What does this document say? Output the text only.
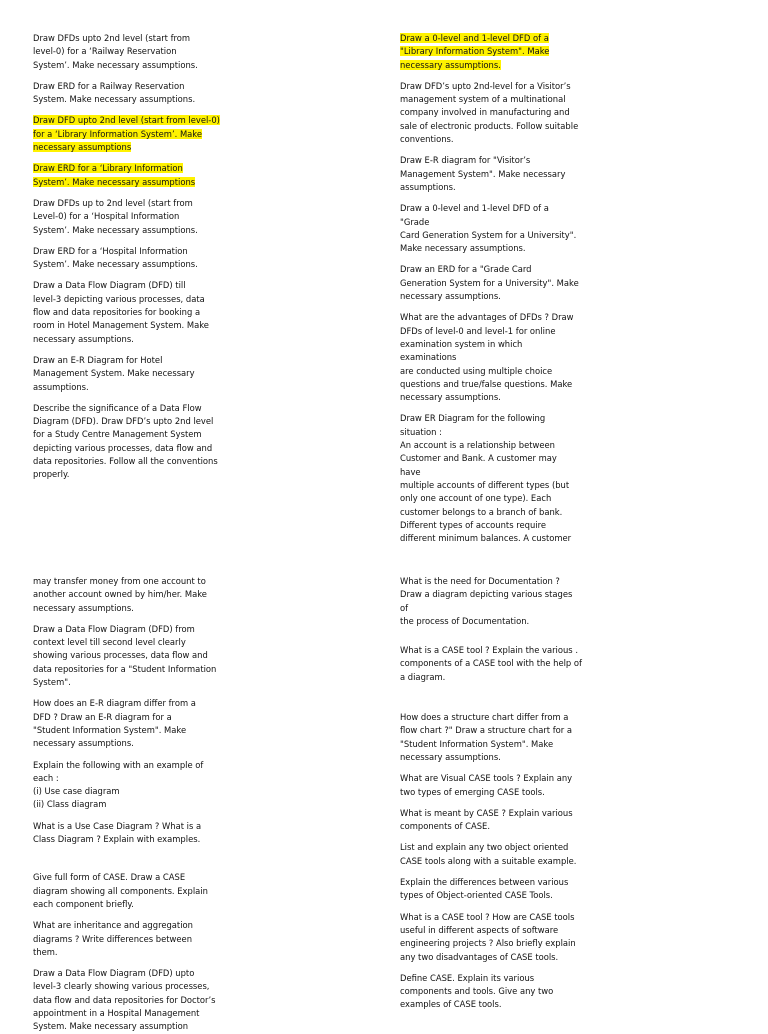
Draw DFDs upto 2nd level (start from
level-0) for a ‘Railway Reservation
System’. Make necessary assumptions.

Draw ERD for a Railway Reservation
System. Make necessary assumptions.

Draw DFD upto 2nd level (start from level-0)
for a ‘Library Information System’. Make
necessary assumptions

Draw ERD for a ‘Library Information
System’. Make necessary assumptions

Draw DFDs up to 2nd level (start from
Level-0) for a ‘Hospital Information
System’. Make necessary assumptions.

Draw ERD for a ‘Hospital Information
System’. Make necessary assumptions.

Draw a Data Flow Diagram (DFD) till
level-3 depicting various processes, data
flow and data repositories for booking a
room in Hotel Management System. Make
necessary assumptions.

Draw an E-R Diagram for Hotel
Management System. Make necessary
assumptions.

Describe the significance of a Data Flow
Diagram (DFD). Draw DFD’s upto 2nd level
for a Study Centre Management System
depicting various processes, data flow and
data repositories. Follow all the conventions
properly.

Draw a 0-level and 1-level DFD of a
"Library Information System". Make
necessary assumptions.

Draw DFD’s upto 2nd-level for a Visitor’s
management system of a multinational
company involved in manufacturing and
sale of electronic products. Follow suitable
conventions.

Draw E-R diagram for "Visitor’s
Management System". Make necessary
assumptions.

Draw a 0-level and 1-level DFD of a "Grade
Card Generation System for a University".
Make necessary assumptions.

Draw an ERD for a "Grade Card
Generation System for a University". Make
necessary assumptions.

What are the advantages of DFDs ? Draw
DFDs of level-0 and level-1 for online
examination system in which examinations
are conducted using multiple choice
questions and true/false questions. Make
necessary assumptions.

Draw ER Diagram for the following
situation :
An account is a relationship between
Customer and Bank. A customer may have
multiple accounts of different types (but
only one account of one type). Each
customer belongs to a branch of bank.
Different types of accounts require
different minimum balances. A customer

may transfer money from one account to
another account owned by him/her. Make
necessary assumptions.

Draw a Data Flow Diagram (DFD) from
context level till second level clearly
showing various processes, data flow and
data repositories for a "Student Information
System".

How does an E-R diagram differ from a
DFD ? Draw an E-R diagram for a
"Student Information System". Make
necessary assumptions.

Explain the following with an example of
each :
(i) Use case diagram
(ii) Class diagram

What is a Use Case Diagram ? What is a
Class Diagram ? Explain with examples.

Give full form of CASE. Draw a CASE
diagram showing all components. Explain
each component briefly.

What are inheritance and aggregation
diagrams ? Write differences between
them.

Draw a Data Flow Diagram (DFD) upto
level-3 clearly showing various processes,
data flow and data repositories for Doctor’s
appointment in a Hospital Management
System. Make necessary assumption

What is the need for Documentation ?
Draw a diagram depicting various stages of
the process of Documentation.

What is a CASE tool ? Explain the various .
components of a CASE tool with the help of
a diagram.

How does a structure chart differ from a
flow chart ?" Draw a structure chart for a
"Student Information System". Make
necessary assumptions.

What are Visual CASE tools ? Explain any
two types of emerging CASE tools.

What is meant by CASE ? Explain various
components of CASE.

List and explain any two object oriented
CASE tools along with a suitable example.

Explain the differences between various
types of Object-oriented CASE Tools.

What is a CASE tool ? How are CASE tools
useful in different aspects of software
engineering projects ? Also briefly explain
any two disadvantages of CASE tools.

Define CASE. Explain its various
components and tools. Give any two
examples of CASE tools.
